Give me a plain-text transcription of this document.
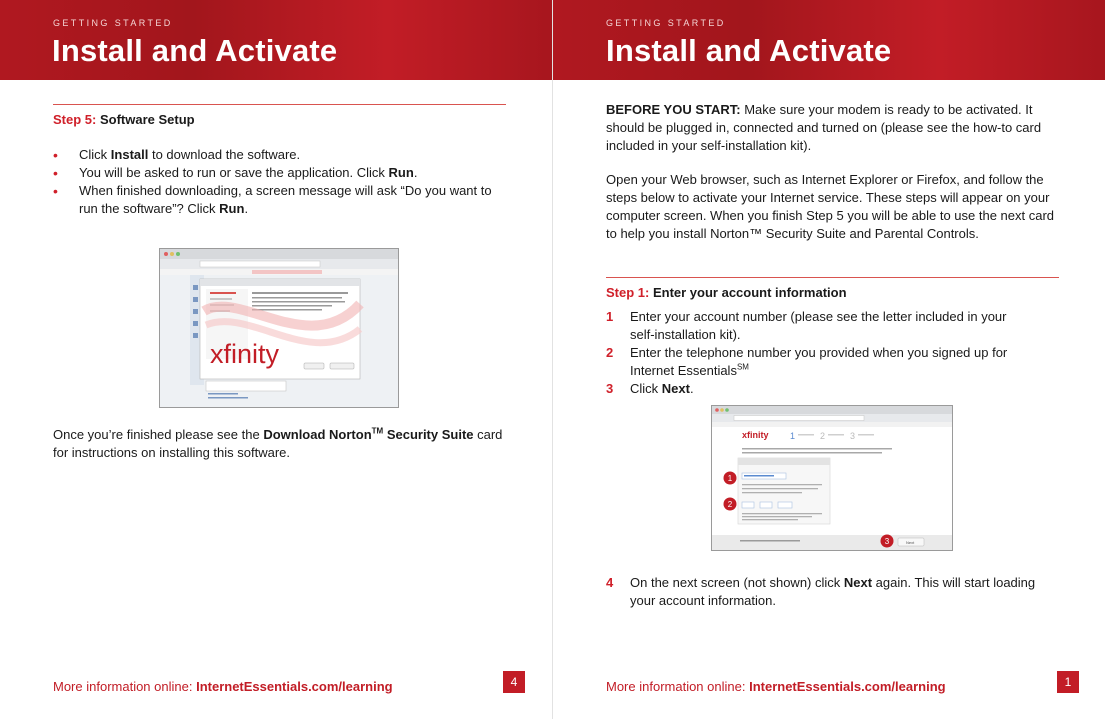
GETTING STARTED
Install and Activate
Step 5: Software Setup
• Click Install to download the software.
• You will be asked to run or save the application. Click Run.
• When finished downloading, a screen message will ask “Do you want to run the software”? Click Run.
xfinity
Once you’re finished please see the Download Norton™ Security Suite card for instructions on installing this software.
More information online: InternetEssentials.com/learning	4
GETTING STARTED
Install and Activate
BEFORE YOU START: Make sure your modem is ready to be activated. It should be plugged in, connected and turned on (please see the how-to card included in your self-installation kit).
Open your Web browser, such as Internet Explorer or Firefox, and follow the steps below to activate your Internet service. These steps will appear on your computer screen. When you finish Step 5 you will be able to use the next card to help you install Norton™ Security Suite and Parental Controls.
Step 1: Enter your account information
1 Enter your account number (please see the letter included in your self-installation kit).
2 Enter the telephone number you provided when you signed up for Internet Essentials℠
3 Click Next.
xfinity 1	2	3
Next
1
2
3
4 On the next screen (not shown) click Next again. This will start loading your account information.
More information online: InternetEssentials.com/learning	1
